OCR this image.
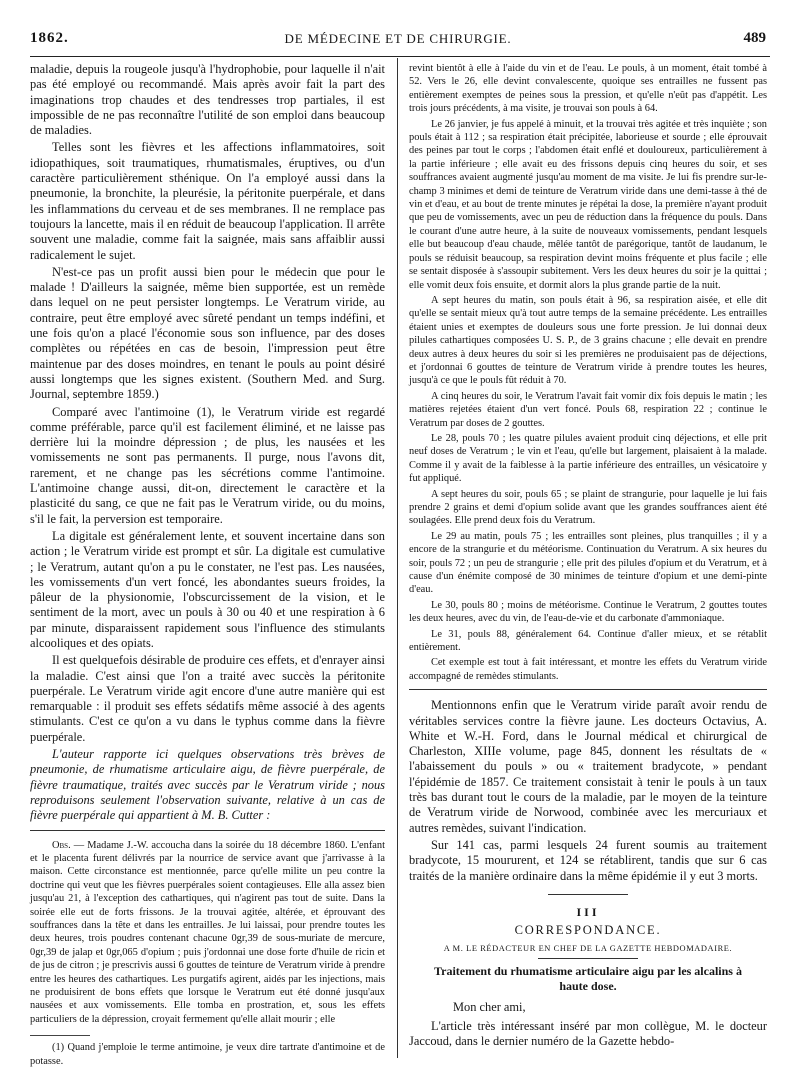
1862.	DE MÉDECINE ET DE CHIRURGIE.	489

maladie, depuis la rougeole jusqu'à l'hydrophobie, pour laquelle il n'ait pas été employé ou recommandé. Mais après avoir fait la part des imaginations trop chaudes et des tendresses trop partiales, il est impossible de ne pas reconnaître l'utilité de son emploi dans beaucoup de maladies.

Telles sont les fièvres et les affections inflammatoires, soit idiopathiques, soit traumatiques, rhumatismales, éruptives, ou d'un caractère particulièrement sthénique. On l'a employé aussi dans la pneumonie, la bronchite, la pleurésie, la péritonite puerpérale, et dans les inflammations du cerveau et de ses membranes. Il ne remplace pas toujours la lancette, mais il en réduit de beaucoup l'application. Il arrête souvent une maladie, comme fait la saignée, mais sans affaiblir aussi radicalement le sujet.

N'est-ce pas un profit aussi bien pour le médecin que pour le malade ! D'ailleurs la saignée, même bien supportée, est un remède dans lequel on ne peut persister longtemps. Le Veratrum viride, au contraire, peut être employé avec sûreté pendant un temps indéfini, et une fois qu'on a placé l'économie sous son influence, par des doses complètes ou répétées en cas de besoin, l'impression peut être maintenue par des doses moindres, en tenant le pouls au point désiré aussi longtemps que les signes existent. (Southern Med. and Surg. Journal, septembre 1859.)

Comparé avec l'antimoine (1), le Veratrum viride est regardé comme préférable, parce qu'il est facilement éliminé, et ne laisse pas derrière lui la moindre dépression ; de plus, les nausées et les vomissements ne sont pas permanents. Il purge, nous l'avons dit, rarement, et ne change pas les sécrétions comme l'antimoine. L'antimoine change aussi, dit-on, directement le caractère et la plasticité du sang, ce que ne fait pas le Veratrum viride, ou du moins, s'il le fait, la perversion est temporaire.

La digitale est généralement lente, et souvent incertaine dans son action ; le Veratrum viride est prompt et sûr. La digitale est cumulative ; le Veratrum, autant qu'on a pu le constater, ne l'est pas. Les nausées, les vomissements d'un vert foncé, les abondantes sueurs froides, la pâleur de la physionomie, l'obscurcissement de la vision, et le sentiment de la mort, avec un pouls à 30 ou 40 et une respiration à 6 par minute, disparaissent rapidement sous l'influence des stimulants alcooliques et des opiats.

Il est quelquefois désirable de produire ces effets, et d'enrayer ainsi la maladie. C'est ainsi que l'on a traité avec succès la péritonite puerpérale. Le Veratrum viride agit encore d'une autre manière qui est remarquable : il produit ses effets sédatifs même associé à des agents stimulants. C'est ce qu'on a vu dans le typhus comme dans la fièvre puerpérale.

L'auteur rapporte ici quelques observations très brèves de pneumonie, de rhumatisme articulaire aigu, de fièvre puerpérale, de fièvre traumatique, traités avec succès par le Veratrum viride ; nous reproduisons seulement l'observation suivante, relative à un cas de fièvre puerpérale qui appartient à M. B. Cutter :

Obs. — Madame J.-W. accoucha dans la soirée du 18 décembre 1860. L'enfant et le placenta furent délivrés par la nourrice de service avant que j'arrivasse à la maison. Cette circonstance est mentionnée, parce qu'elle milite un peu contre la doctrine qui veut que les fièvres puerpérales soient contagieuses. Elle alla assez bien jusqu'au 21, à l'exception des cathartiques, qui n'agirent pas tout de suite. Dans la soirée elle eut de forts frissons. Je la trouvai agitée, altérée, et éprouvant des souffrances dans la tête et dans les entrailles. Je lui laissai, pour prendre toutes les deux heures, trois poudres contenant chacune 0gr,39 de sous-muriate de mercure, 0gr,39 de jalap et 0gr,065 d'opium ; puis j'ordonnai une dose forte d'huile de ricin et de jus de citron ; je prescrivis aussi 6 gouttes de teinture de Veratrum viride à prendre entre les heures des cathartiques. Les purgatifs agirent, aidés par les injections, mais ne produisirent de bons effets que lorsque le Veratrum eut été donné jusqu'aux nausées et aux vomissements. Elle tomba en prostration, et, sous les effets particuliers de la dépression, croyait fermement qu'elle allait mourir ; elle

(1) Quand j'emploie le terme antimoine, je veux dire tartrate d'antimoine et de potasse.

revint bientôt à elle à l'aide du vin et de l'eau. Le pouls, à un moment, était tombé à 52. Vers le 26, elle devint convalescente, quoique ses entrailles ne fussent pas entièrement exemptes de peines sous la pression, et qu'elle n'eût pas d'appétit. Les trois jours précédents, à ma visite, je trouvai son pouls à 64.

Le 26 janvier, je fus appelé à minuit, et la trouvai très agitée et très inquiète ; son pouls était à 112 ; sa respiration était précipitée, laborieuse et sourde ; elle éprouvait des peines par tout le corps ; l'abdomen était enflé et douloureux, particulièrement à la partie inférieure ; elle avait eu des frissons depuis cinq heures du soir, et ses souffrances avaient augmenté jusqu'au moment de ma visite. Je lui fis prendre sur-le-champ 3 minimes et demi de teinture de Veratrum viride dans une demi-tasse à thé de vin et d'eau, et au bout de trente minutes je répétai la dose, la première n'ayant produit que peu de vomissements, avec un peu de réduction dans la fréquence du pouls. Dans le courant d'une autre heure, à la suite de nouveaux vomissements, pendant lesquels elle but beaucoup d'eau chaude, mêlée tantôt de parégorique, tantôt de laudanum, le pouls se réduisit beaucoup, sa respiration devint moins fréquente et plus facile ; elle se sentait disposée à s'assoupir subitement. Vers les deux heures du soir je la quittai ; elle vomit deux fois ensuite, et dormit alors la plus grande partie de la nuit.

A sept heures du matin, son pouls était à 96, sa respiration aisée, et elle dit qu'elle se sentait mieux qu'à tout autre temps de la semaine précédente. Les entrailles étaient unies et exemptes de douleurs sous une forte pression. Je lui donnai deux pilules cathartiques composées U. S. P., de 3 grains chacune ; elle devait en prendre deux autres à deux heures du soir si les premières ne produisaient pas de déjections, et j'ordonnai 6 gouttes de teinture de Veratrum viride à prendre toutes les heures, jusqu'à ce que le pouls fût réduit à 70.

A cinq heures du soir, le Veratrum l'avait fait vomir dix fois depuis le matin ; les matières rejetées étaient d'un vert foncé. Pouls 68, respiration 22 ; continue le Veratrum par doses de 2 gouttes.

Le 28, pouls 70 ; les quatre pilules avaient produit cinq déjections, et elle prit neuf doses de Veratrum ; le vin et l'eau, qu'elle but largement, plaisaient à la malade. Comme il y avait de la faiblesse à la partie inférieure des entrailles, un vésicatoire y fut appliqué.

A sept heures du soir, pouls 65 ; se plaint de strangurie, pour laquelle je lui fais prendre 2 grains et demi d'opium solide avant que les grandes souffrances aient été soulagées. Elle prend deux fois du Veratrum.

Le 29 au matin, pouls 75 ; les entrailles sont pleines, plus tranquilles ; il y a encore de la strangurie et du météorisme. Continuation du Veratrum. A six heures du soir, pouls 72 ; un peu de strangurie ; elle prit des pilules d'opium et du Veratrum, et à cause d'un énémite composé de 30 minimes de teinture d'opium et une demi-pinte d'eau.

Le 30, pouls 80 ; moins de météorisme. Continue le Veratrum, 2 gouttes toutes les deux heures, avec du vin, de l'eau-de-vie et du carbonate d'ammoniaque.

Le 31, pouls 88, généralement 64. Continue d'aller mieux, et se rétablit entièrement.

Cet exemple est tout à fait intéressant, et montre les effets du Veratrum viride accompagné de remèdes stimulants.

Mentionnons enfin que le Veratrum viride paraît avoir rendu de véritables services contre la fièvre jaune. Les docteurs Octavius, A. White et W.-H. Ford, dans le Journal médical et chirurgical de Charleston, XIIIe volume, page 845, donnent les résultats de « l'abaissement du pouls » ou « traitement bradycote, » pendant l'épidémie de 1857. Ce traitement consistait à tenir le pouls à un taux très bas durant tout le cours de la maladie, par le moyen de la teinture de Veratrum viride de Norwood, combinée avec les mercuriaux et autres remèdes, suivant l'indication.

Sur 141 cas, parmi lesquels 24 furent soumis au traitement bradycote, 15 moururent, et 124 se rétablirent, tandis que sur 6 cas traités de la manière ordinaire dans la même épidémie il y eut 3 morts.

III
CORRESPONDANCE.
A M. LE RÉDACTEUR EN CHEF DE LA GAZETTE HEBDOMADAIRE.
Traitement du rhumatisme articulaire aigu par les alcalins à haute dose.
Mon cher ami,

L'article très intéressant inséré par mon collègue, M. le docteur Jaccoud, dans le dernier numéro de la Gazette hebdo-
